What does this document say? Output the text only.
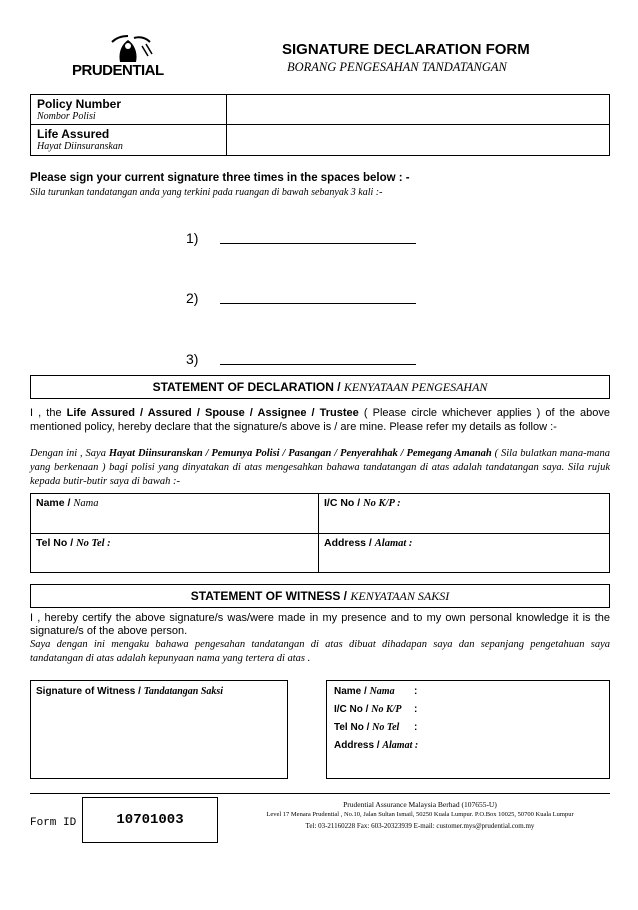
PRUDENTIAL
SIGNATURE DECLARATION FORM
BORANG PENGESAHAN TANDATANGAN
Policy Number
Nombor Polisi
Life Assured
Hayat Diinsuranskan
Please sign your current signature three times in the spaces below : -
Sila turunkan tandatangan anda yang terkini pada ruangan di bawah sebanyak 3 kali :-
1)
2)
3)
STATEMENT OF DECLARATION / KENYATAAN PENGESAHAN

I , the Life Assured / Assured / Spouse / Assignee / Trustee ( Please circle whichever applies ) of the above mentioned policy, hereby declare that the signature/s above is / are mine. Please refer my details as follow :-

Dengan ini , Saya Hayat Diinsuranskan / Pemunya Polisi / Pasangan / Penyerahhak / Pemegang Amanah ( Sila bulatkan mana-mana yang berkenaan ) bagi polisi yang dinyatakan di atas mengesahkan bahawa tandatangan di atas adalah tandatangan saya. Sila rujuk kepada butir-butir saya di bawah :-

Name / Nama	I/C No / No K/P :
Tel No / No Tel :	Address / Alamat :
STATEMENT OF WITNESS / KENYATAAN SAKSI

I , hereby certify the above signature/s was/were made in my presence and to my own personal knowledge it is the signature/s of the above person.

Saya dengan ini mengaku bahawa pengesahan tandatangan di atas dibuat dihadapan saya dan sepanjang pengetahuan saya tandatangan di atas adalah kepunyaan nama yang tertera di atas .

Signature of Witness / Tandatangan Saksi	Name / Nama :
I/C No / No K/P :
Tel No / No Tel :
Address / Alamat :
Form ID	10701003
Prudential Assurance Malaysia Berhad (107655-U)
Level 17 Menara Prudential , No.10, Jalan Sultan Ismail, 50250 Kuala Lumpur. P.O.Box 10025, 50700 Kuala Lumpur
Tel: 03-21160228 Fax: 603-20323939 E-mail: customer.mys@prudential.com.my
